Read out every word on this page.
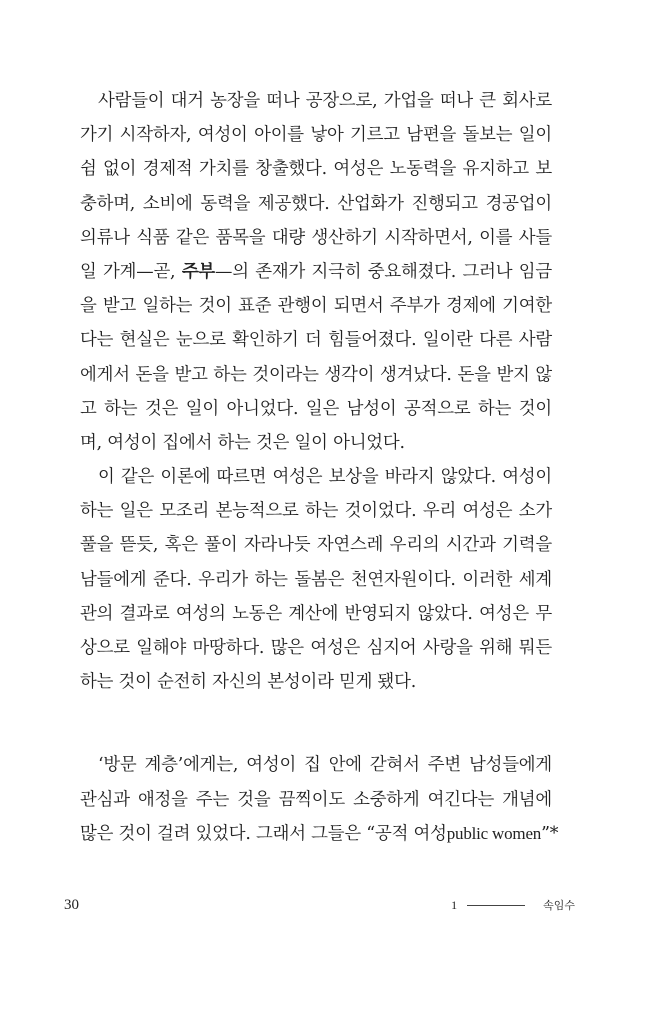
사람들이 대거 농장을 떠나 공장으로, 가업을 떠나 큰 회사로
가기 시작하자, 여성이 아이를 낳아 기르고 남편을 돌보는 일이
쉼 없이 경제적 가치를 창출했다. 여성은 노동력을 유지하고 보
충하며, 소비에 동력을 제공했다. 산업화가 진행되고 경공업이
의류나 식품 같은 품목을 대량 생산하기 시작하면서, 이를 사들
일 가계—곧, 주부—의 존재가 지극히 중요해졌다. 그러나 임금
을 받고 일하는 것이 표준 관행이 되면서 주부가 경제에 기여한
다는 현실은 눈으로 확인하기 더 힘들어졌다. 일이란 다른 사람
에게서 돈을 받고 하는 것이라는 생각이 생겨났다. 돈을 받지 않
고 하는 것은 일이 아니었다. 일은 남성이 공적으로 하는 것이
며, 여성이 집에서 하는 것은 일이 아니었다.
이 같은 이론에 따르면 여성은 보상을 바라지 않았다. 여성이
하는 일은 모조리 본능적으로 하는 것이었다. 우리 여성은 소가
풀을 뜯듯, 혹은 풀이 자라나듯 자연스레 우리의 시간과 기력을
남들에게 준다. 우리가 하는 돌봄은 천연자원이다. 이러한 세계
관의 결과로 여성의 노동은 계산에 반영되지 않았다. 여성은 무
상으로 일해야 마땅하다. 많은 여성은 심지어 사랑을 위해 뭐든
하는 것이 순전히 자신의 본성이라 믿게 됐다.
‘방문 계층’에게는, 여성이 집 안에 갇혀서 주변 남성들에게
관심과 애정을 주는 것을 끔찍이도 소중하게 여긴다는 개념에
많은 것이 걸려 있었다. 그래서 그들은 “공적 여성public women”*
30	1	속임수
